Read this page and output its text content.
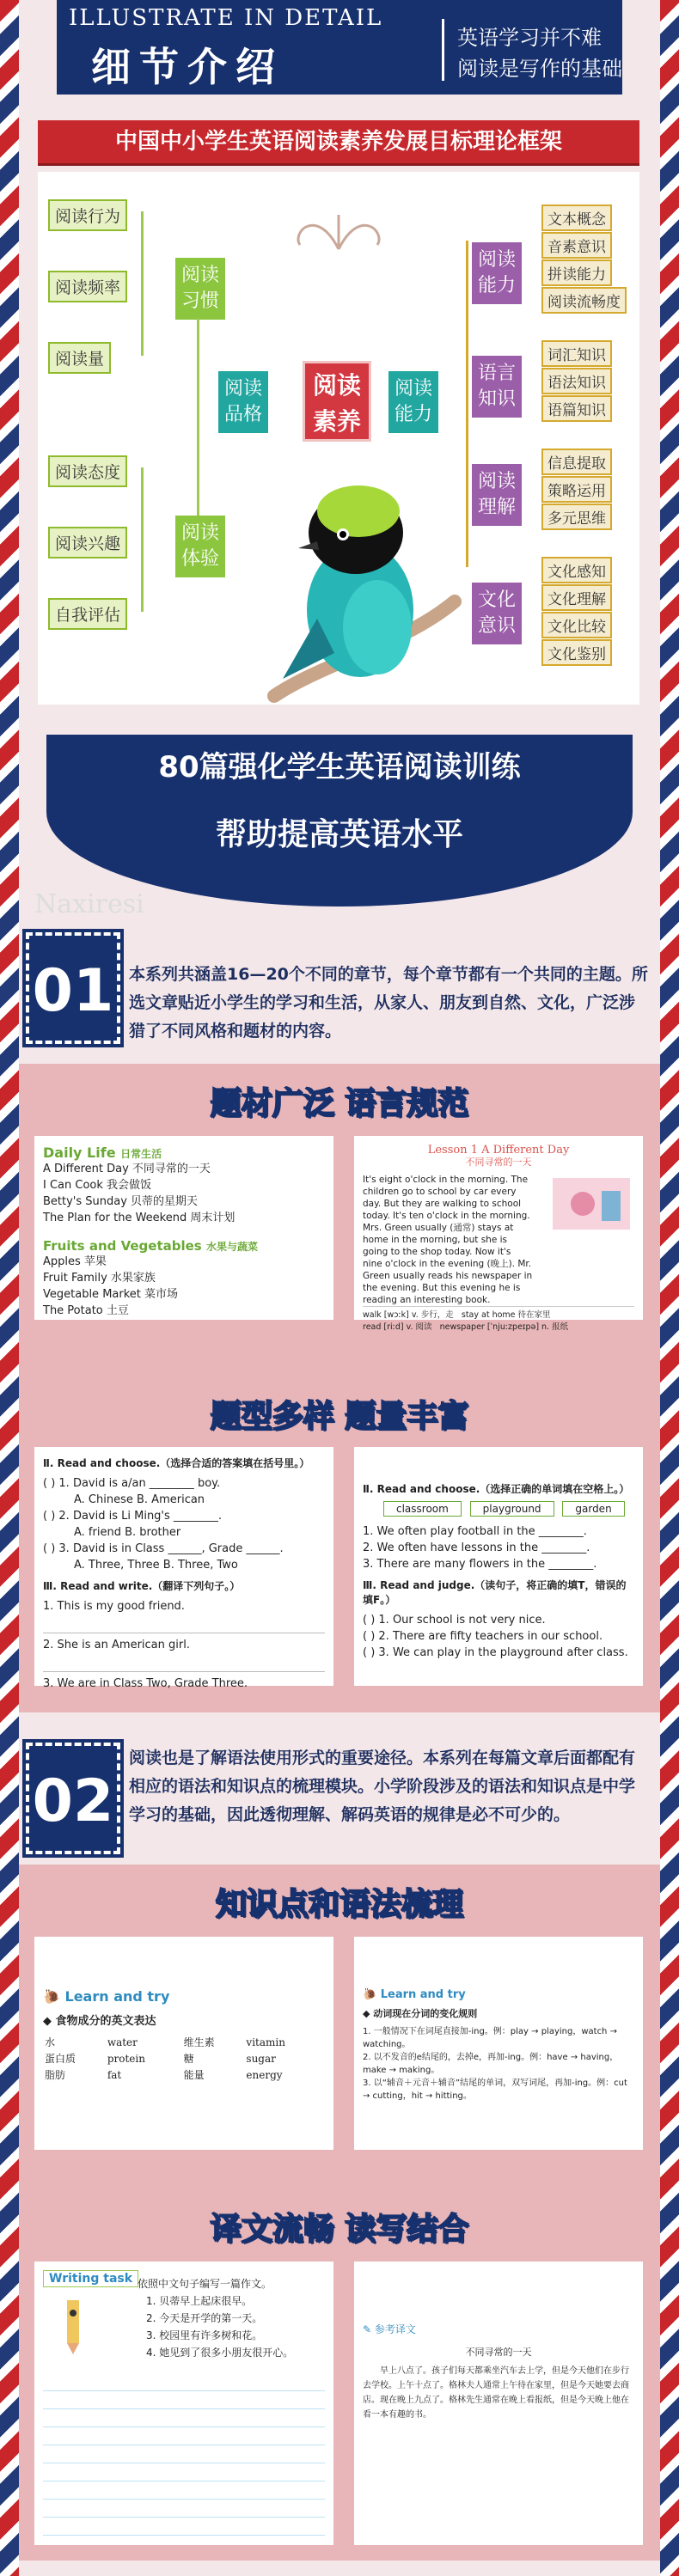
ILLUSTRATE IN DETAIL
细节介绍
英语学习并不难
阅读是写作的基础
中国中小学生英语阅读素养发展目标理论框架
阅读行为
阅读频率
阅读量
阅读态度
阅读兴趣
自我评估
阅读习惯
阅读体验
阅读品格
阅读素养
阅读能力
阅读能力
文本概念
音素意识
拼读能力
阅读流畅度
语言知识
词汇知识
语法知识
语篇知识
阅读理解
信息提取
策略运用
多元思维
文化意识
文化感知
文化理解
文化比较
文化鉴别
80篇强化学生英语阅读训练
帮助提高英语水平
Naxiresi
01 本系列共涵盖16—20个不同的章节，每个章节都有一个共同的主题。所选文章贴近小学生的学习和生活，从家人、朋友到自然、文化，广泛涉猎了不同风格和题材的内容。
题材广泛 语言规范
Daily Life 日常生活
A Different Day 不同寻常的一天
I Can Cook 我会做饭
Betty's Sunday 贝蒂的星期天
The Plan for the Weekend 周末计划
Fruits and Vegetables 水果与蔬菜
Apples 苹果
Fruit Family 水果家族
Vegetable Market 菜市场
The Potato 土豆
Lesson 1 A Different Day
不同寻常的一天
It's eight o'clock in the morning. The children go to school by car every day. But they are walking to school today. It's ten o'clock in the morning. Mrs. Green usually (通常) stays at home in the morning, but she is going to the shop today. Now it's nine o'clock in the evening (晚上). Mr. Green usually reads his newspaper in the evening. But this evening he is reading an interesting book.
walk [wɔːk] v. 步行，走 stay at home 待在家里
read [riːd] v. 阅读 newspaper [ˈnjuːzpeɪpə] n. 报纸
题型多样 题量丰富
Ⅱ. Read and choose.（选择合适的答案填在括号里。）
( ) 1. David is a/an ________ boy.
A. Chinese B. American
( ) 2. David is Li Ming's ________.
A. friend B. brother
( ) 3. David is in Class ______, Grade ______.
A. Three, Three B. Three, Two
Ⅲ. Read and write.（翻译下列句子。）
1. This is my good friend.
2. She is an American girl.
3. We are in Class Two, Grade Three.
Ⅱ. Read and choose.（选择正确的单词填在空格上。）
classroom	playground	garden
1. We often play football in the ________.
2. We often have lessons in the ________.
3. There are many flowers in the ________.
Ⅲ. Read and judge.（读句子，将正确的填T，错误的填F。）
( ) 1. Our school is not very nice.
( ) 2. There are fifty teachers in our school.
( ) 3. We can play in the playground after class.
02
阅读也是了解语法使用形式的重要途径。本系列在每篇文章后面都配有相应的语法和知识点的梳理模块。小学阶段涉及的语法和知识点是中学学习的基础，因此透彻理解、解码英语的规律是必不可少的。
知识点和语法梳理
🐌 Learn and try
◆ 食物成分的英文表达
水	water	维生素	vitamin
蛋白质	protein	糖	sugar
脂肪	fat	能量	energy
🐌 Learn and try
◆ 动词现在分词的变化规则
1. 一般情况下在词尾直接加-ing。例：play → playing，watch → watching。
2. 以不发音的e结尾的，去掉e，再加-ing。例：have → having，make → making。
3. 以“辅音＋元音＋辅音”结尾的单词，双写词尾，再加-ing。例：cut → cutting，hit → hitting。
译文流畅 读写结合
Writing task 依照中文句子编写一篇作文。
1. 贝蒂早上起床很早。
2. 今天是开学的第一天。
3. 校园里有许多树和花。
4. 她见到了很多小朋友很开心。
✎ 参考译文
不同寻常的一天
早上八点了。孩子们每天都乘坐汽车去上学，但是今天他们在步行去学校。上午十点了。格林夫人通常上午待在家里，但是今天她要去商店。现在晚上九点了。格林先生通常在晚上看报纸，但是今天晚上他在看一本有趣的书。
